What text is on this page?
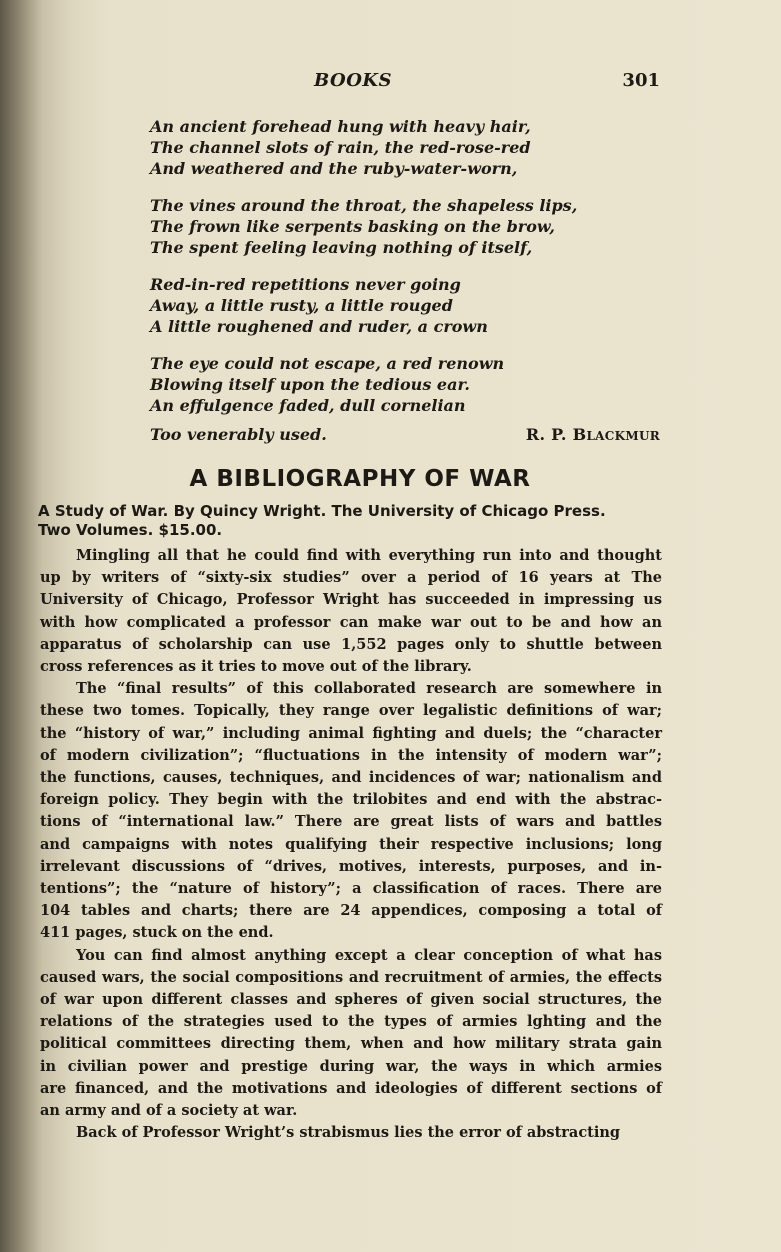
BOOKS	301
An ancient forehead hung with heavy hair,
The channel slots of rain, the red-rose-red
And weathered and the ruby-water-worn,
The vines around the throat, the shapeless lips,
The frown like serpents basking on the brow,
The spent feeling leaving nothing of itself,
Red-in-red repetitions never going
Away, a little rusty, a little rouged
A little roughened and ruder, a crown
The eye could not escape, a red renown
Blowing itself upon the tedious ear.
An effulgence faded, dull cornelian
Too venerably used.	R. P. BLACKMUR
A BIBLIOGRAPHY OF WAR
A Study of War. By Quincy Wright. The University of Chicago Press.
Two Volumes. $15.00.
Mingling all that he could find with everything run into and thought
up by writers of “sixty-six studies” over a period of 16 years at The
University of Chicago, Professor Wright has succeeded in impressing us
with how complicated a professor can make war out to be and how an
apparatus of scholarship can use 1,552 pages only to shuttle between
cross references as it tries to move out of the library.
The “final results” of this collaborated research are somewhere in
these two tomes. Topically, they range over legalistic definitions of war;
the “history of war,” including animal fighting and duels; the “character
of modern civilization”; “fluctuations in the intensity of modern war”;
the functions, causes, techniques, and incidences of war; nationalism and
foreign policy. They begin with the trilobites and end with the abstrac-
tions of “international law.” There are great lists of wars and battles
and campaigns with notes qualifying their respective inclusions; long
irrelevant discussions of “drives, motives, interests, purposes, and in-
tentions”; the “nature of history”; a classification of races. There are
104 tables and charts; there are 24 appendices, composing a total of
411 pages, stuck on the end.
You can find almost anything except a clear conception of what has
caused wars, the social compositions and recruitment of armies, the effects
of war upon different classes and spheres of given social structures, the
relations of the strategies used to the types of armies lghting and the
political committees directing them, when and how military strata gain
in civilian power and prestige during war, the ways in which armies
are financed, and the motivations and ideologies of different sections of
an army and of a society at war.
Back of Professor Wright’s strabismus lies the error of abstracting
